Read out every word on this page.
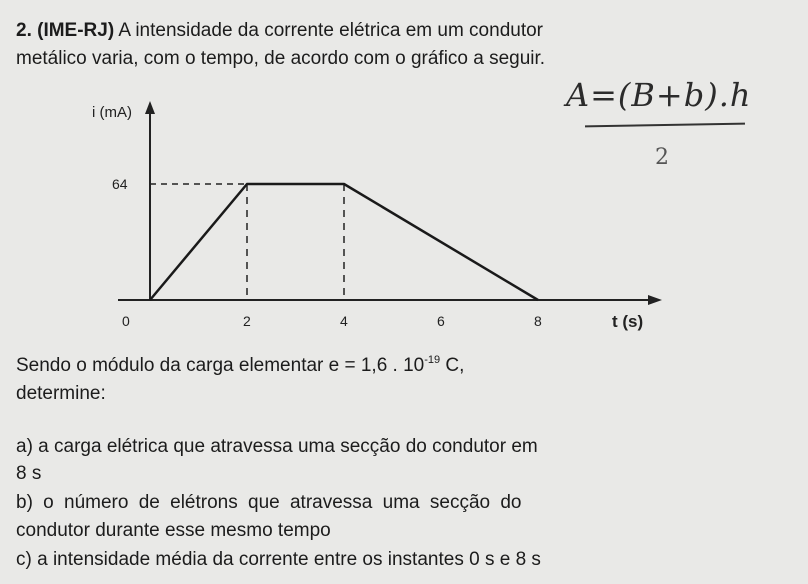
2. (IME-RJ) A intensidade da corrente elétrica em um condutor
metálico varia, com o tempo, de acordo com o gráfico a seguir.
A=(B+b).h
2
i (mA)
t (s)
64
0	2	4	6	8
Sendo o módulo da carga elementar e = 1,6 . $10^{-19}$ C,
determine:
a) a carga elétrica que atravessa uma secção do condutor em
8 s
b) o número de elétrons que atravessa uma secção do
condutor durante esse mesmo tempo
c) a intensidade média da corrente entre os instantes 0 s e 8 s
